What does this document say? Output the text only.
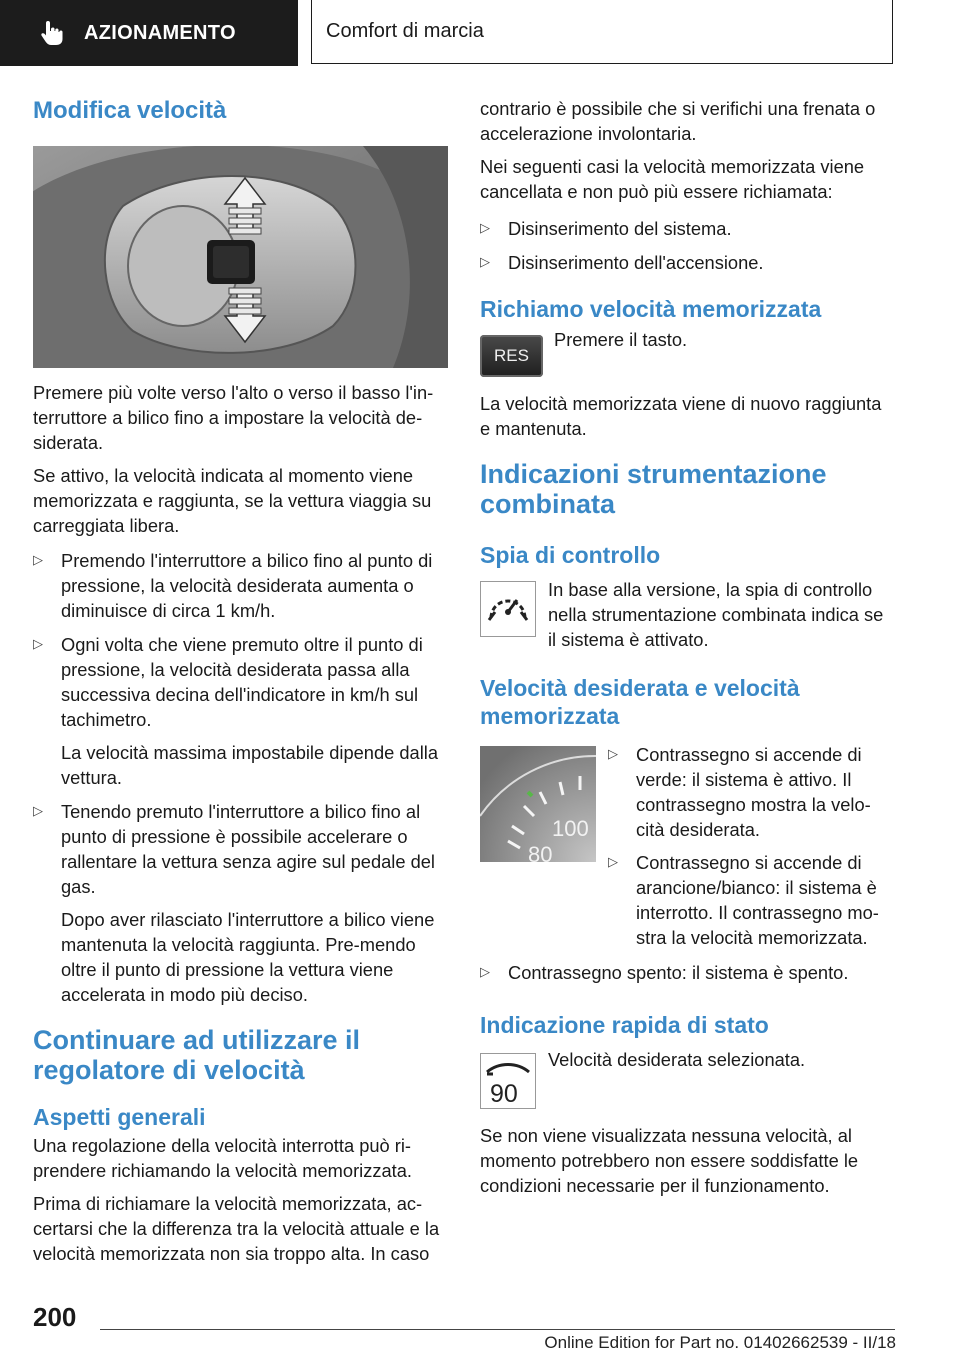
AZIONAMENTO	Comfort di marcia
Modifica velocità

Premere più volte verso l'alto o verso il basso l'in-terruttore a bilico fino a impostare la velocità de-siderata.

Se attivo, la velocità indicata al momento viene memorizzata e raggiunta, se la vettura viaggia su carreggiata libera.

▷ Premendo l'interruttore a bilico fino al punto di pressione, la velocità desiderata aumenta o diminuisce di circa 1 km/h.
▷ Ogni volta che viene premuto oltre il punto di pressione, la velocità desiderata passa alla successiva decina dell'indicatore in km/h sul tachimetro.
La velocità massima impostabile dipende dalla vettura.
▷ Tenendo premuto l'interruttore a bilico fino al punto di pressione è possibile accelerare o rallentare la vettura senza agire sul pedale del gas.
Dopo aver rilasciato l'interruttore a bilico viene mantenuta la velocità raggiunta. Pre-mendo oltre il punto di pressione la vettura viene accelerata in modo più deciso.
Continuare ad utilizzare il regolatore di velocità
Aspetti generali

Una regolazione della velocità interrotta può ri-prendere richiamando la velocità memorizzata.

Prima di richiamare la velocità memorizzata, ac-certarsi che la differenza tra la velocità attuale e la velocità memorizzata non sia troppo alta. In caso

contrario è possibile che si verifichi una frenata o accelerazione involontaria.

Nei seguenti casi la velocità memorizzata viene cancellata e non può più essere richiamata:

▷ Disinserimento del sistema.
▷ Disinserimento dell'accensione.
Richiamo velocità memorizzata
RES

Premere il tasto.

La velocità memorizzata viene di nuovo raggiunta e mantenuta.

Indicazioni strumentazione combinata
Spia di controllo

In base alla versione, la spia di controllo nella strumentazione combinata indica se il sistema è attivato.

Velocità desiderata e velocità memorizzata
100
80
▷ Contrassegno si accende di verde: il sistema è attivo. Il contrassegno mostra la velo-cità desiderata.
▷ Contrassegno si accende di arancione/bianco: il sistema è interrotto. Il contrassegno mo-stra la velocità memorizzata.
▷ Contrassegno spento: il sistema è spento.
Indicazione rapida di stato
90

Velocità desiderata selezionata.

Se non viene visualizzata nessuna velocità, al momento potrebbero non essere soddisfatte le condizioni necessarie per il funzionamento.

200
Online Edition for Part no. 01402662539 - II/18
